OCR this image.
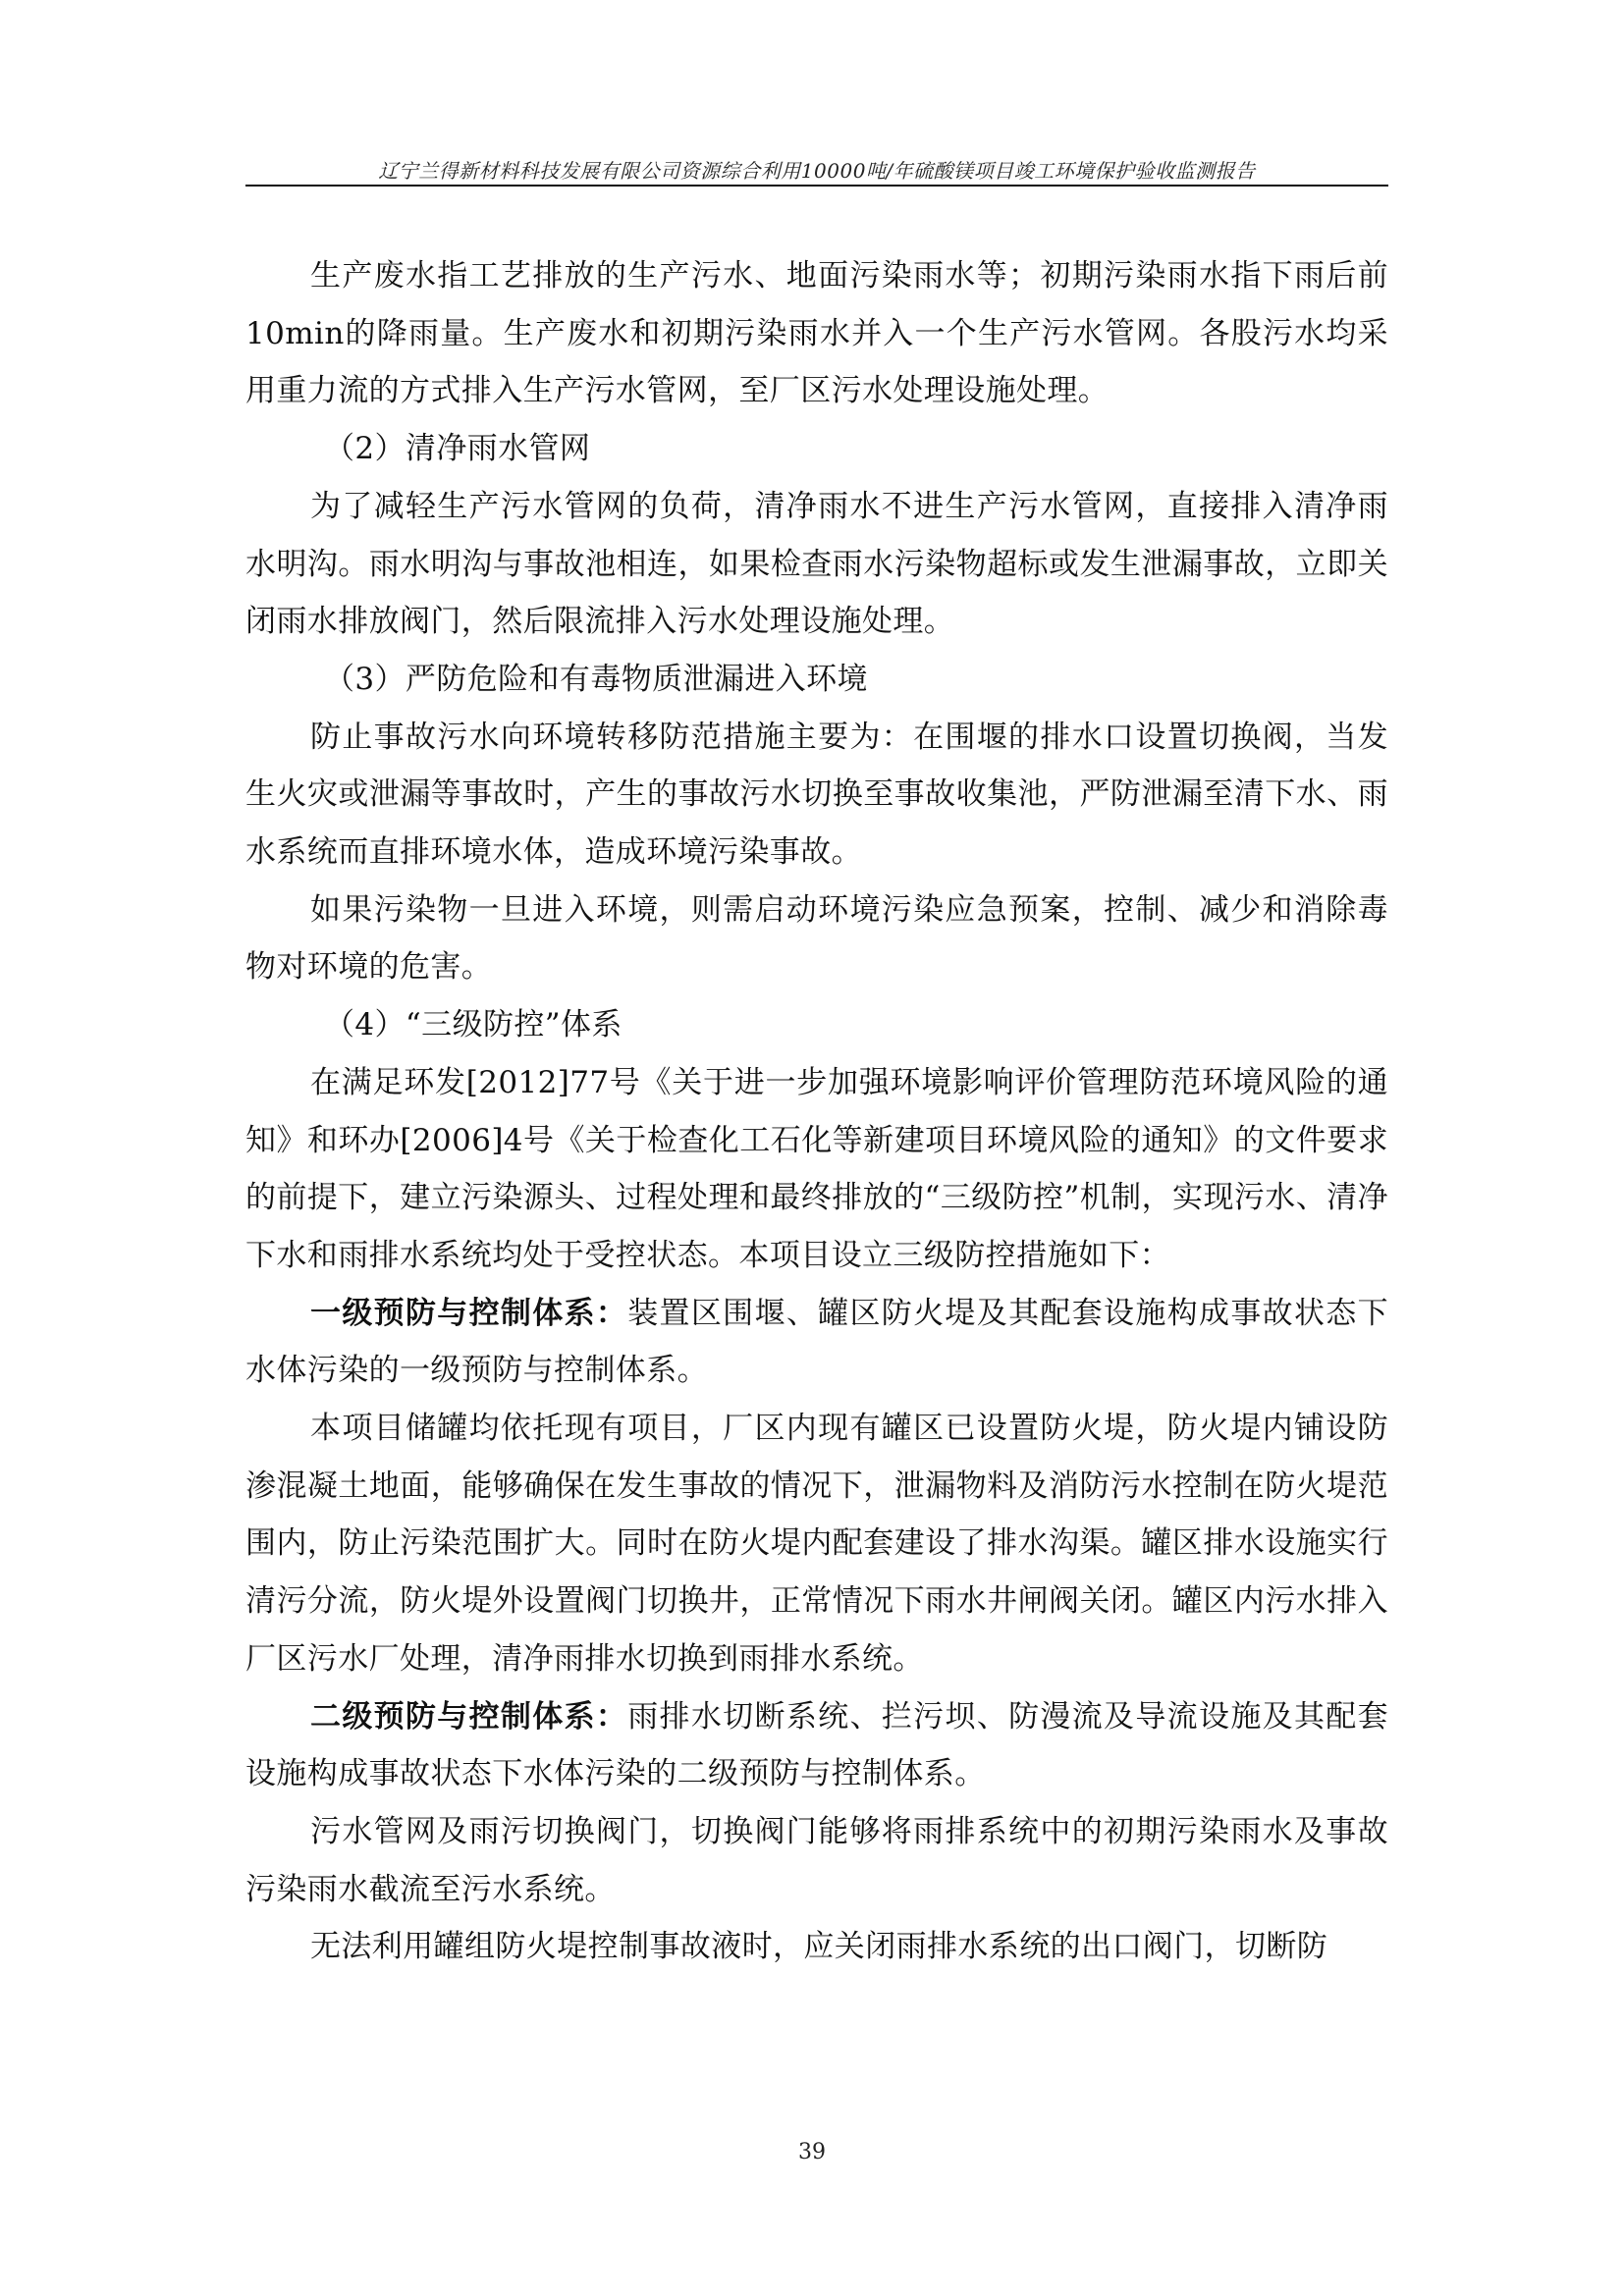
辽宁兰得新材料科技发展有限公司资源综合利用10000吨/年硫酸镁项目竣工环境保护验收监测报告

生产废水指工艺排放的生产污水、地面污染雨水等；初期污染雨水指下雨后前10min的降雨量。生产废水和初期污染雨水并入一个生产污水管网。各股污水均采用重力流的方式排入生产污水管网，至厂区污水处理设施处理。

（2）清净雨水管网

为了减轻生产污水管网的负荷，清净雨水不进生产污水管网，直接排入清净雨水明沟。雨水明沟与事故池相连，如果检查雨水污染物超标或发生泄漏事故，立即关闭雨水排放阀门，然后限流排入污水处理设施处理。

（3）严防危险和有毒物质泄漏进入环境

防止事故污水向环境转移防范措施主要为：在围堰的排水口设置切换阀，当发生火灾或泄漏等事故时，产生的事故污水切换至事故收集池，严防泄漏至清下水、雨水系统而直排环境水体，造成环境污染事故。

如果污染物一旦进入环境，则需启动环境污染应急预案，控制、减少和消除毒物对环境的危害。

（4）“三级防控”体系

在满足环发[2012]77号《关于进一步加强环境影响评价管理防范环境风险的通知》和环办[2006]4号《关于检查化工石化等新建项目环境风险的通知》的文件要求的前提下，建立污染源头、过程处理和最终排放的“三级防控”机制，实现污水、清净下水和雨排水系统均处于受控状态。本项目设立三级防控措施如下：

一级预防与控制体系：装置区围堰、罐区防火堤及其配套设施构成事故状态下水体污染的一级预防与控制体系。

本项目储罐均依托现有项目，厂区内现有罐区已设置防火堤，防火堤内铺设防渗混凝土地面，能够确保在发生事故的情况下，泄漏物料及消防污水控制在防火堤范围内，防止污染范围扩大。同时在防火堤内配套建设了排水沟渠。罐区排水设施实行清污分流，防火堤外设置阀门切换井，正常情况下雨水井闸阀关闭。罐区内污水排入厂区污水厂处理，清净雨排水切换到雨排水系统。

二级预防与控制体系：雨排水切断系统、拦污坝、防漫流及导流设施及其配套设施构成事故状态下水体污染的二级预防与控制体系。

污水管网及雨污切换阀门，切换阀门能够将雨排系统中的初期污染雨水及事故污染雨水截流至污水系统。

无法利用罐组防火堤控制事故液时，应关闭雨排水系统的出口阀门，切断防

39
